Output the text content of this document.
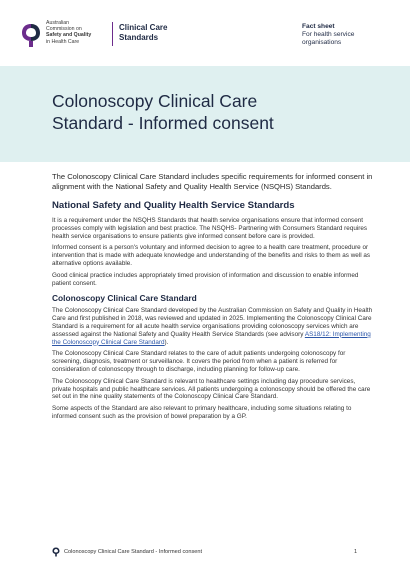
Australian
Commission on
Safety and Quality
in Health Care
Clinical Care
Standards
Fact sheet
For health service
organisations
Colonoscopy Clinical Care
Standard - Informed consent

The Colonoscopy Clinical Care Standard includes specific requirements for informed consent in alignment with the National Safety and Quality Health Service (NSQHS) Standards.

National Safety and Quality Health Service Standards

It is a requirement under the NSQHS Standards that health service organisations ensure that informed consent processes comply with legislation and best practice. The NSQHS- Partnering with Consumers Standard requires health service organisations to ensure patients give informed consent before care is provided.

Informed consent is a person's voluntary and informed decision to agree to a health care treatment, procedure or intervention that is made with adequate knowledge and understanding of the benefits and risks to them as well as alternative options available.

Good clinical practice includes appropriately timed provision of information and discussion to enable informed patient consent.

Colonoscopy Clinical Care Standard

The Colonoscopy Clinical Care Standard developed by the Australian Commission on Safety and Quality in Health Care and first published in 2018, was reviewed and updated in 2025. Implementing the Colonoscopy Clinical Care Standard is a requirement for all acute health service organisations providing colonoscopy services which are assessed against the National Safety and Quality Health Service Standards (see advisory AS18/12: Implementing the Colonoscopy Clinical Care Standard).

The Colonoscopy Clinical Care Standard relates to the care of adult patients undergoing colonoscopy for screening, diagnosis, treatment or surveillance. It covers the period from when a patient is referred for consideration of colonoscopy through to discharge, including planning for follow-up care.

The Colonoscopy Clinical Care Standard is relevant to healthcare settings including day procedure services, private hospitals and public healthcare services. All patients undergoing a colonoscopy should be offered the care set out in the nine quality statements of the Colonoscopy Clinical Care Standard.

Some aspects of the Standard are also relevant to primary healthcare, including some situations relating to informed consent such as the provision of bowel preparation by a GP.

Colonoscopy Clinical Care Standard - Informed consent	1
